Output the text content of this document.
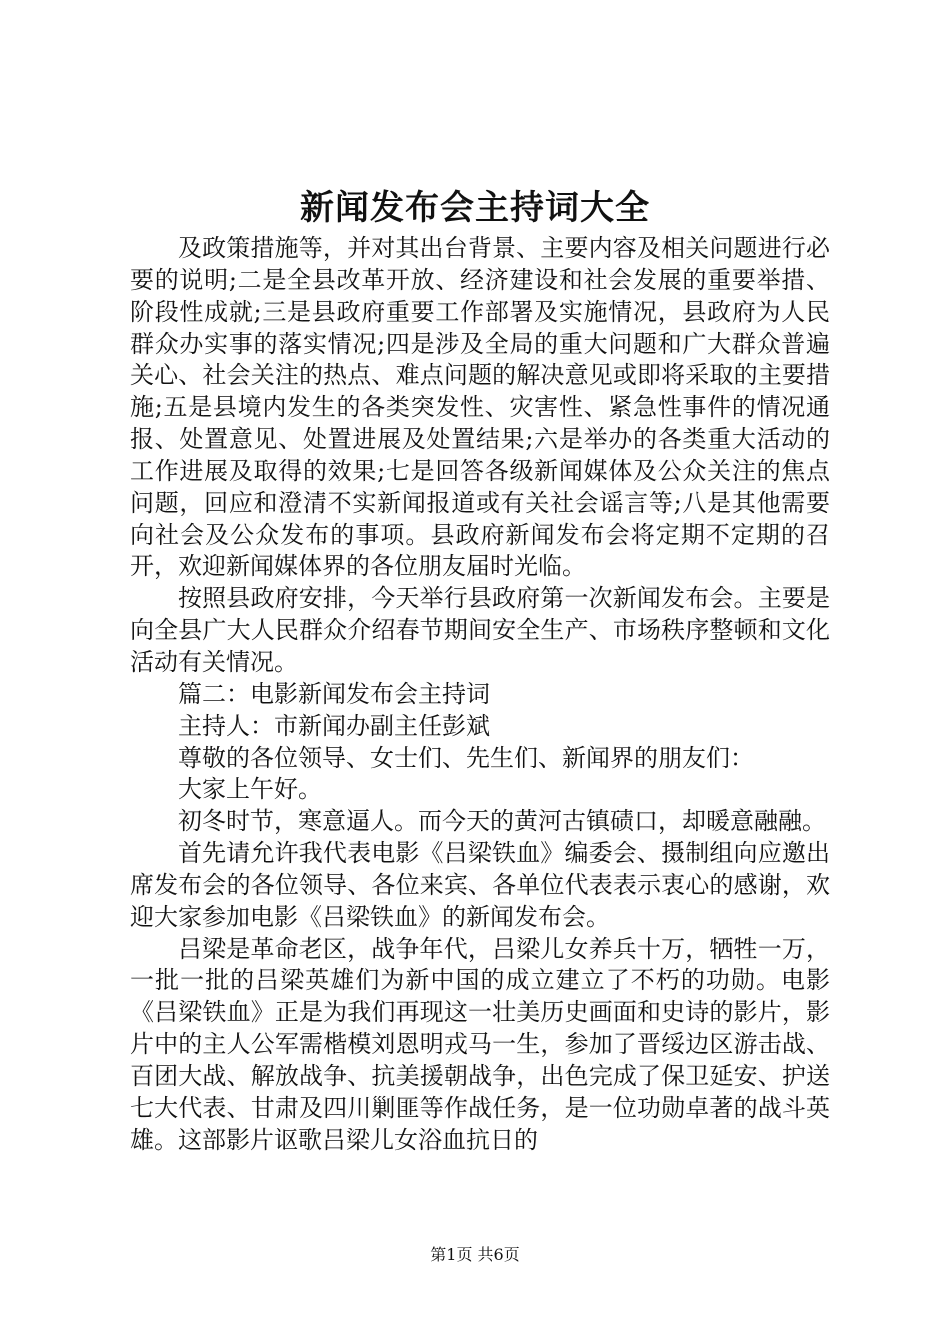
新闻发布会主持词大全

及政策措施等，并对其出台背景、主要内容及相关问题进行必要的说明;二是全县改革开放、经济建设和社会发展的重要举措、阶段性成就;三是县政府重要工作部署及实施情况，县政府为人民群众办实事的落实情况;四是涉及全局的重大问题和广大群众普遍关心、社会关注的热点、难点问题的解决意见或即将采取的主要措施;五是县境内发生的各类突发性、灾害性、紧急性事件的情况通报、处置意见、处置进展及处置结果;六是举办的各类重大活动的工作进展及取得的效果;七是回答各级新闻媒体及公众关注的焦点问题，回应和澄清不实新闻报道或有关社会谣言等;八是其他需要向社会及公众发布的事项。县政府新闻发布会将定期不定期的召开，欢迎新闻媒体界的各位朋友届时光临。

按照县政府安排，今天举行县政府第一次新闻发布会。主要是向全县广大人民群众介绍春节期间安全生产、市场秩序整顿和文化活动有关情况。

篇二：电影新闻发布会主持词

主持人：市新闻办副主任彭斌

尊敬的各位领导、女士们、先生们、新闻界的朋友们：

大家上午好。

初冬时节，寒意逼人。而今天的黄河古镇碛口，却暖意融融。

首先请允许我代表电影《吕梁铁血》编委会、摄制组向应邀出席发布会的各位领导、各位来宾、各单位代表表示衷心的感谢，欢迎大家参加电影《吕梁铁血》的新闻发布会。

吕梁是革命老区，战争年代，吕梁儿女养兵十万，牺牲一万，一批一批的吕梁英雄们为新中国的成立建立了不朽的功勋。电影《吕梁铁血》正是为我们再现这一壮美历史画面和史诗的影片，影片中的主人公军需楷模刘恩明戎马一生，参加了晋绥边区游击战、百团大战、解放战争、抗美援朝战争，出色完成了保卫延安、护送七大代表、甘肃及四川剿匪等作战任务，是一位功勋卓著的战斗英雄。这部影片讴歌吕梁儿女浴血抗日的

第1页 共6页
